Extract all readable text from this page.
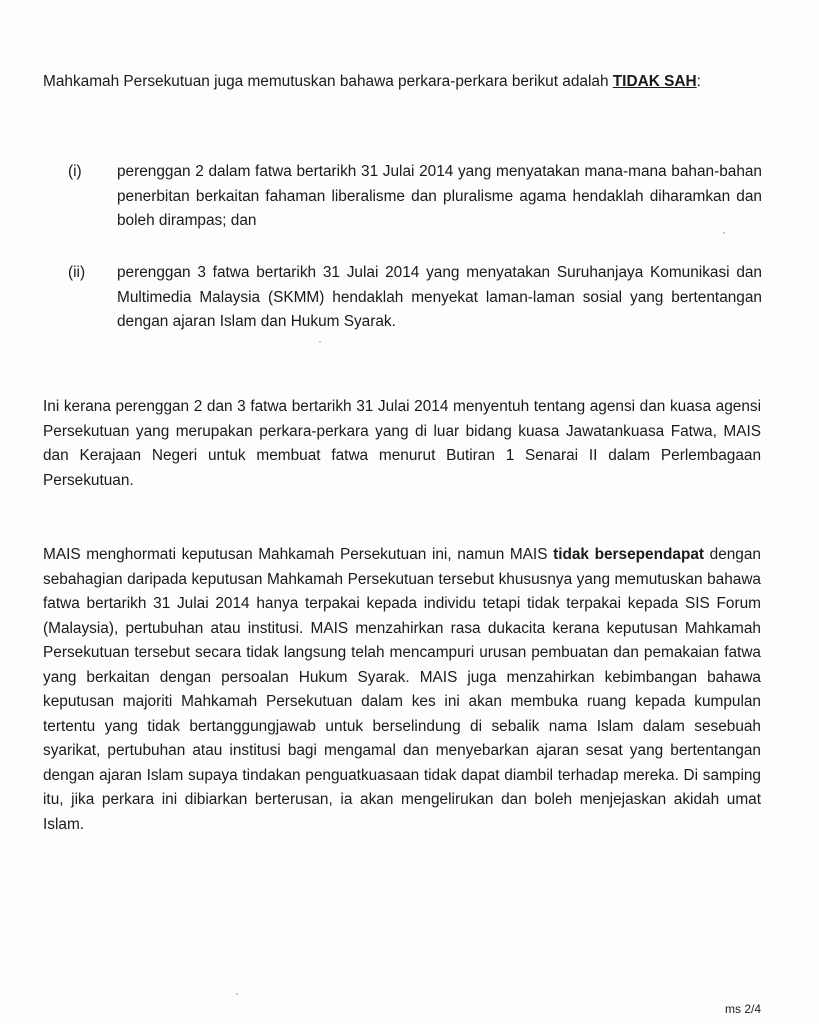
Mahkamah Persekutuan juga memutuskan bahawa perkara-perkara berikut adalah TIDAK SAH:

(i)	perenggan 2 dalam fatwa bertarikh 31 Julai 2014 yang menyatakan mana-mana bahan-bahan penerbitan berkaitan fahaman liberalisme dan pluralisme agama hendaklah diharamkan dan boleh dirampas; dan

(ii)	perenggan 3 fatwa bertarikh 31 Julai 2014 yang menyatakan Suruhanjaya Komunikasi dan Multimedia Malaysia (SKMM) hendaklah menyekat laman-laman sosial yang bertentangan dengan ajaran Islam dan Hukum Syarak.

Ini kerana perenggan 2 dan 3 fatwa bertarikh 31 Julai 2014 menyentuh tentang agensi dan kuasa agensi Persekutuan yang merupakan perkara-perkara yang di luar bidang kuasa Jawatankuasa Fatwa, MAIS dan Kerajaan Negeri untuk membuat fatwa menurut Butiran 1 Senarai II dalam Perlembagaan Persekutuan.

MAIS menghormati keputusan Mahkamah Persekutuan ini, namun MAIS tidak bersependapat dengan sebahagian daripada keputusan Mahkamah Persekutuan tersebut khususnya yang memutuskan bahawa fatwa bertarikh 31 Julai 2014 hanya terpakai kepada individu tetapi tidak terpakai kepada SIS Forum (Malaysia), pertubuhan atau institusi. MAIS menzahirkan rasa dukacita kerana keputusan Mahkamah Persekutuan tersebut secara tidak langsung telah mencampuri urusan pembuatan dan pemakaian fatwa yang berkaitan dengan persoalan Hukum Syarak. MAIS juga menzahirkan kebimbangan bahawa keputusan majoriti Mahkamah Persekutuan dalam kes ini akan membuka ruang kepada kumpulan tertentu yang tidak bertanggungjawab untuk berselindung di sebalik nama Islam dalam sesebuah syarikat, pertubuhan atau institusi bagi mengamal dan menyebarkan ajaran sesat yang bertentangan dengan ajaran Islam supaya tindakan penguatkuasaan tidak dapat diambil terhadap mereka. Di samping itu, jika perkara ini dibiarkan berterusan, ia akan mengelirukan dan boleh menjejaskan akidah umat Islam.

ms 2/4
